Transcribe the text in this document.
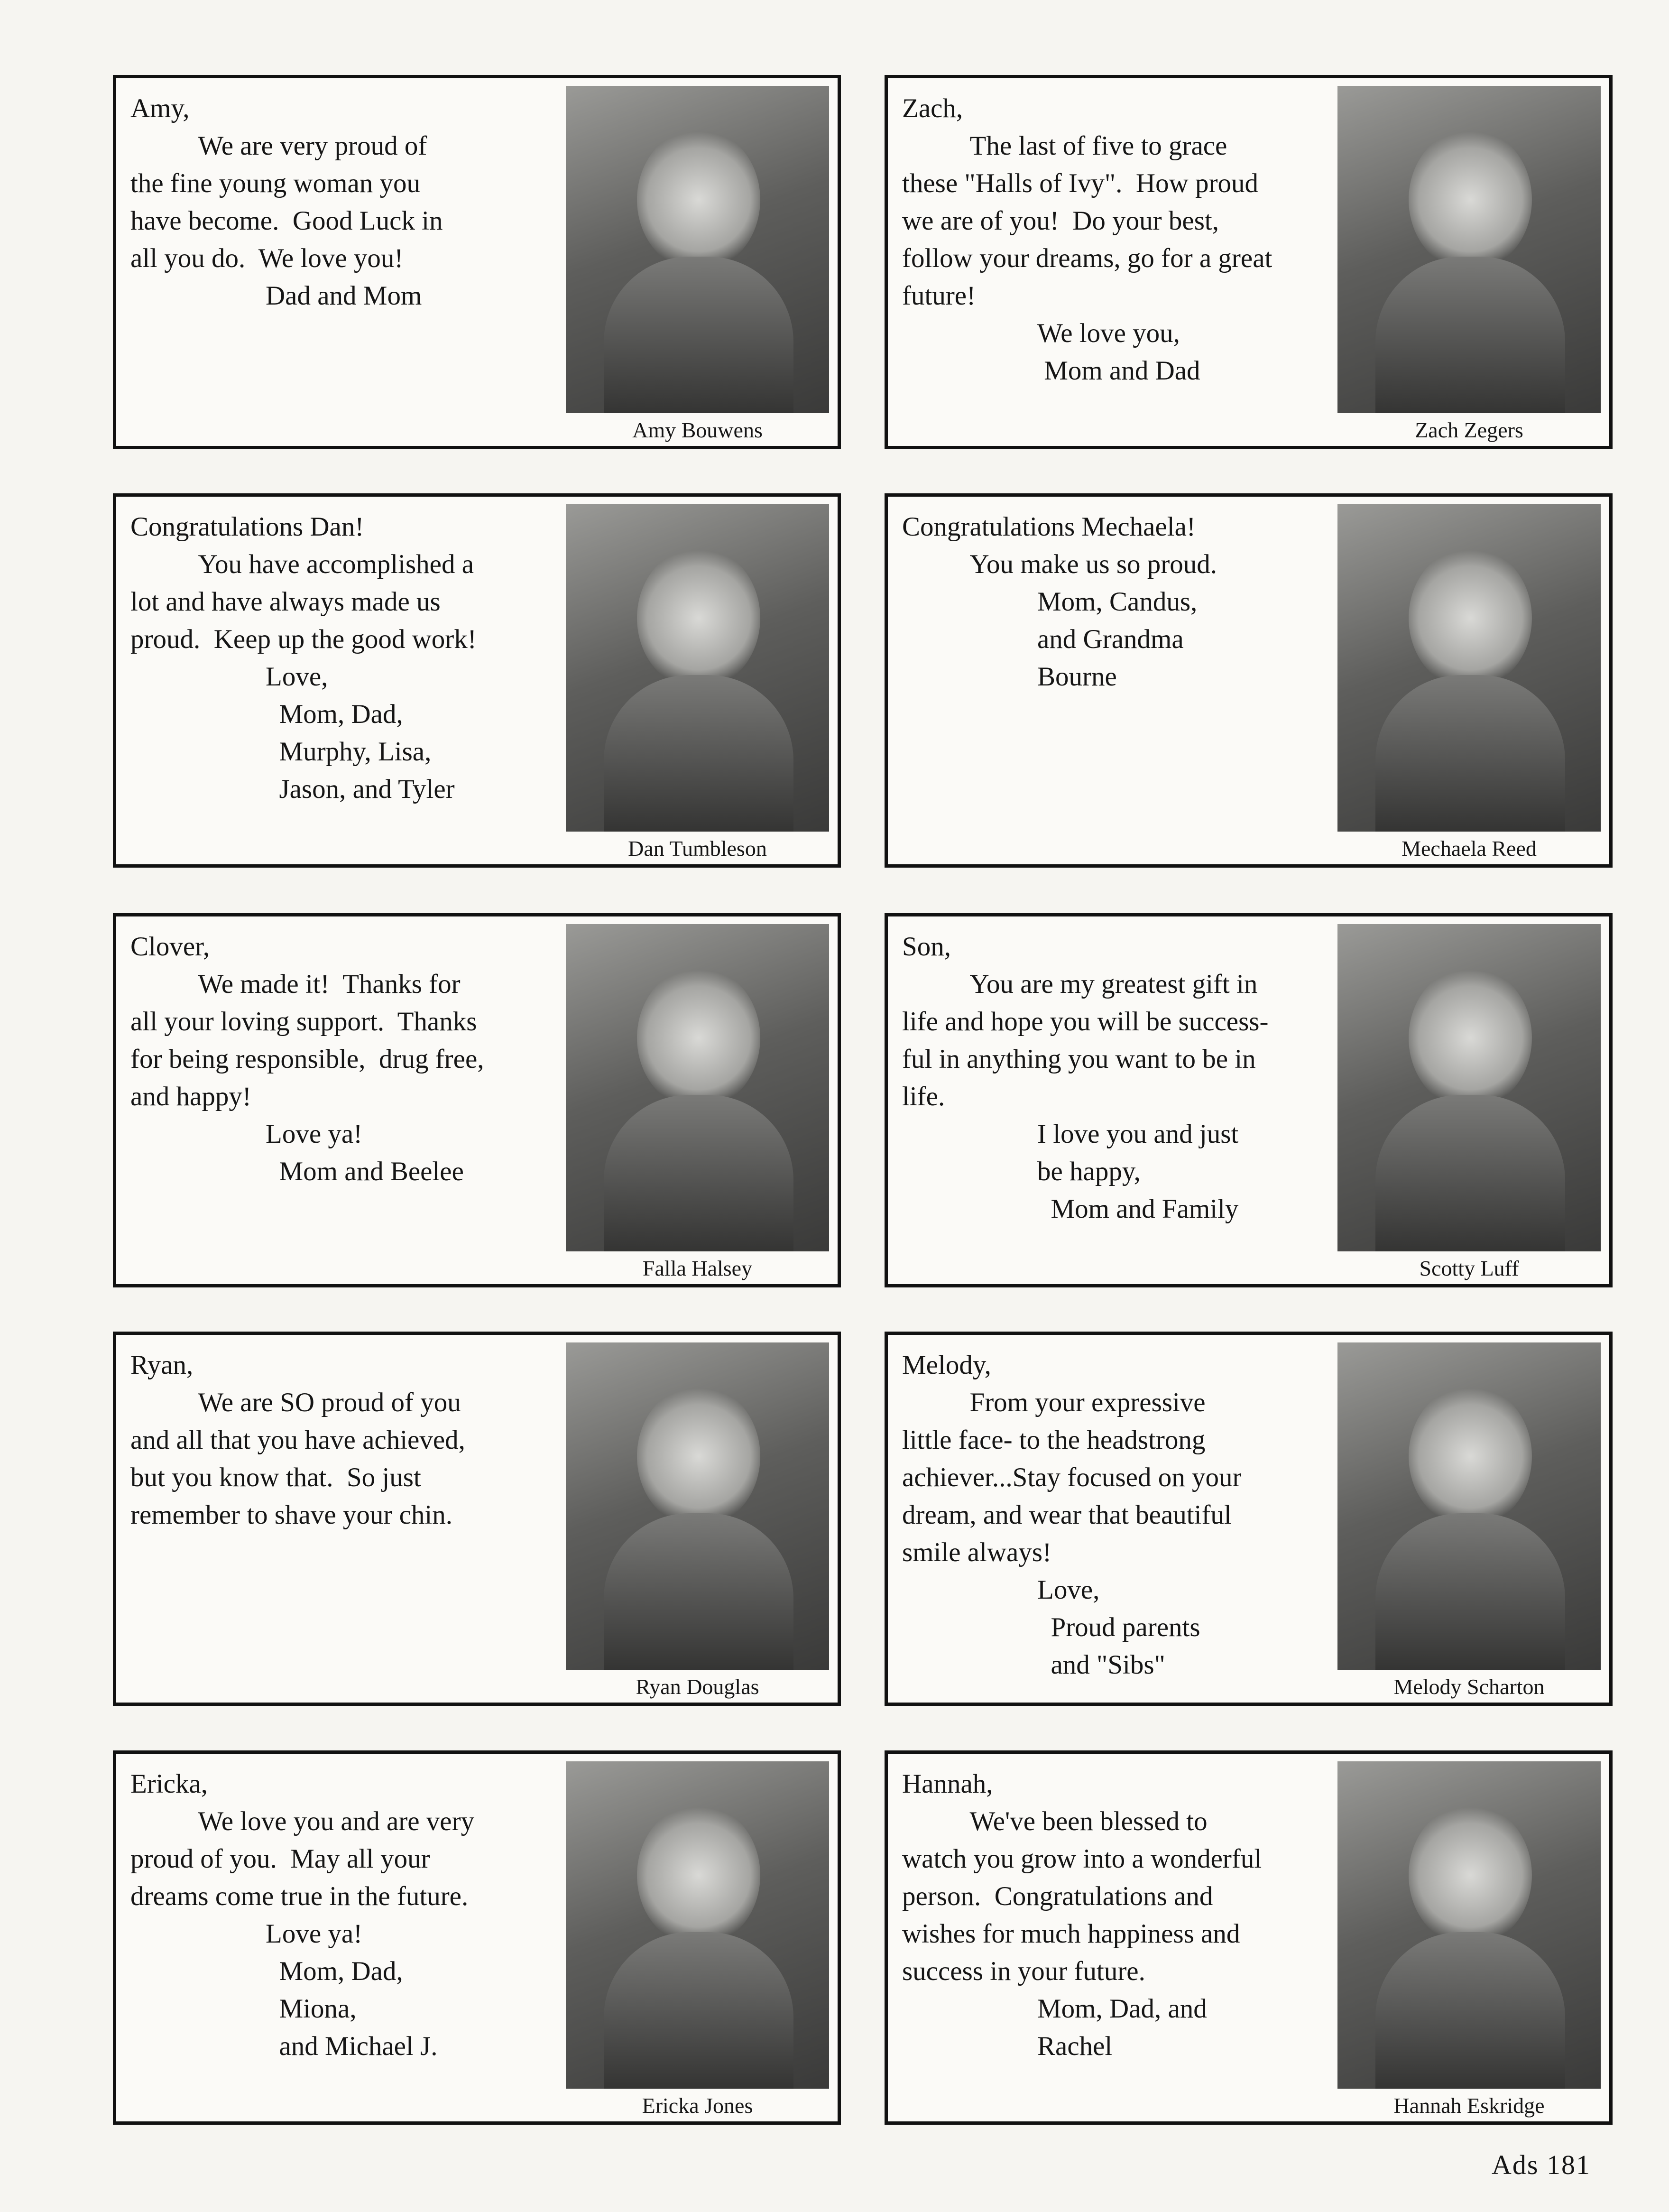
Amy,
We are very proud of
the fine young woman you
have become.  Good Luck in
all you do.  We love you!
Dad and Mom
Amy Bouwens
Zach,
The last of five to grace
these "Halls of Ivy".  How proud
we are of you!  Do your best,
follow your dreams, go for a great
future!
We love you,
Mom and Dad
Zach Zegers
Congratulations Dan!
You have accomplished a
lot and have always made us
proud.  Keep up the good work!
Love,
Mom, Dad,
Murphy, Lisa,
Jason, and Tyler
Dan Tumbleson
Congratulations Mechaela!
You make us so proud.
Mom, Candus,
and Grandma
Bourne
Mechaela Reed
Clover,
We made it!  Thanks for
all your loving support.  Thanks
for being responsible,  drug free,
and happy!
Love ya!
Mom and Beelee
Falla Halsey
Son,
You are my greatest gift in
life and hope you will be success-
ful in anything you want to be in
life.
I love you and just
be happy,
Mom and Family
Scotty Luff
Ryan,
We are SO proud of you
and all that you have achieved,
but you know that.  So just
remember to shave your chin.
Ryan Douglas
Melody,
From your expressive
little face- to the headstrong
achiever...Stay focused on your
dream, and wear that beautiful
smile always!
Love,
Proud parents
and "Sibs"
Melody Scharton
Ericka,
We love you and are very
proud of you.  May all your
dreams come true in the future.
Love ya!
Mom, Dad,
Miona,
and Michael J.
Ericka Jones
Hannah,
We've been blessed to
watch you grow into a wonderful
person.  Congratulations and
wishes for much happiness and
success in your future.
Mom, Dad, and
Rachel
Hannah Eskridge
Ads 181
